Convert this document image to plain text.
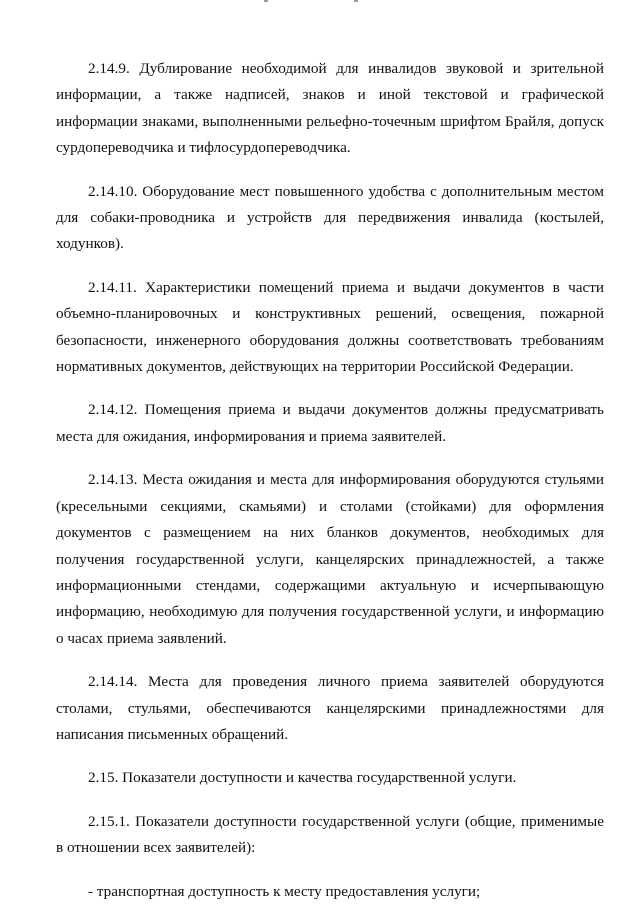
2.14.9. Дублирование необходимой для инвалидов звуковой и зрительной информации, а также надписей, знаков и иной текстовой и графической информации знаками, выполненными рельефно-точечным шрифтом Брайля, допуск сурдопереводчика и тифлосурдопереводчика.

2.14.10. Оборудование мест повышенного удобства с дополнительным местом для собаки-проводника и устройств для передвижения инвалида (костылей, ходунков).

2.14.11. Характеристики помещений приема и выдачи документов в части объемно-планировочных и конструктивных решений, освещения, пожарной безопасности, инженерного оборудования должны соответствовать требованиям нормативных документов, действующих на территории Российской Федерации.

2.14.12. Помещения приема и выдачи документов должны предусматривать места для ожидания, информирования и приема заявителей.

2.14.13. Места ожидания и места для информирования оборудуются стульями (кресельными секциями, скамьями) и столами (стойками) для оформления документов с размещением на них бланков документов, необходимых для получения государственной услуги, канцелярских принадлежностей, а также информационными стендами, содержащими актуальную и исчерпывающую информацию, необходимую для получения государственной услуги, и информацию о часах приема заявлений.

2.14.14. Места для проведения личного приема заявителей оборудуются столами, стульями, обеспечиваются канцелярскими принадлежностями для написания письменных обращений.

2.15. Показатели доступности и качества государственной услуги.

2.15.1. Показатели доступности государственной услуги (общие, применимые в отношении всех заявителей):

- транспортная доступность к месту предоставления услуги;
